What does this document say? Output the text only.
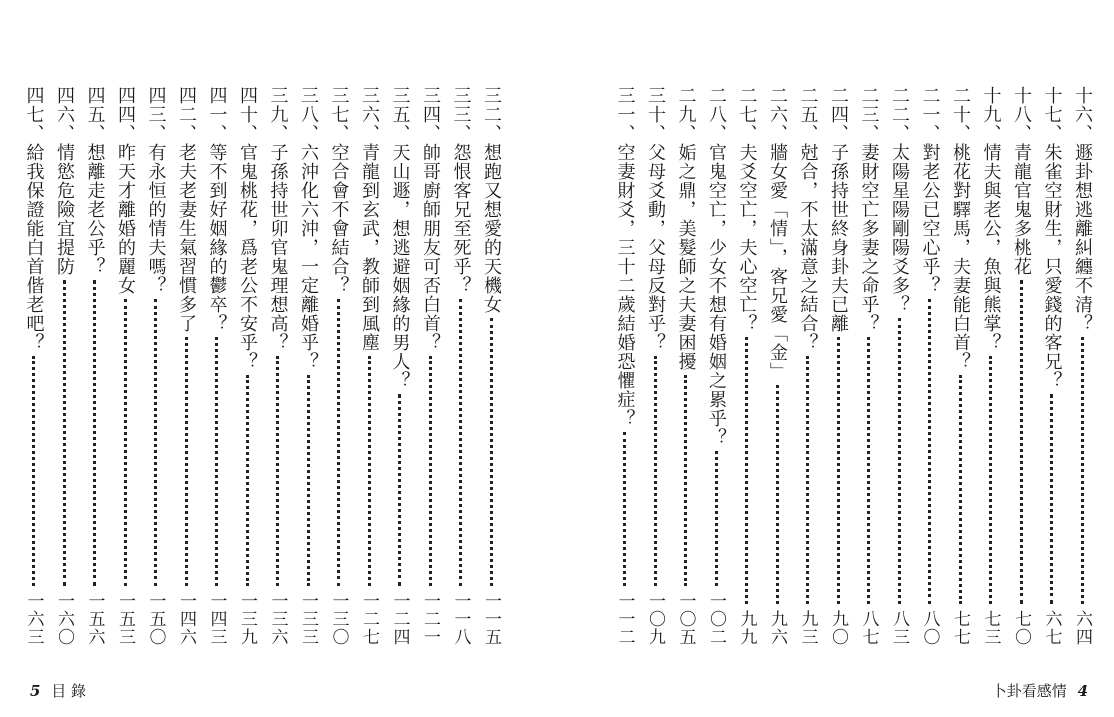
三二、想跑又想愛的天機女
一一五
三三、怨恨客兄至死乎？
一一八
三四、帥哥廚師朋友可否白首？
一二一
三五、天山遯，想逃避姻緣的男人？
一二四
三六、青龍到玄武，教師到風塵
一二七
三七、空合會不會結合？
一三〇
三八、六沖化六沖，一定離婚乎？
一三三
三九、子孫持世卯官鬼理想高？
一三六
四十、官鬼桃花，爲老公不安乎？
一三九
四一、等不到好姻緣的鬱卒？
一四三
四二、老夫老妻生氣習慣多了
一四六
四三、有永恒的情夫嗎？
一五〇
四四、昨天才離婚的麗女
一五三
四五、想離走老公乎？
一五六
四六、情慾危險宜提防
一六〇
四七、給我保證能白首偕老吧？
一六三
5 目 錄	卜卦看感情 4
十六、遯卦想逃離糾纏不清？
六四
十七、朱雀空財生，只愛錢的客兄？
六七
十八、青龍官鬼多桃花
七〇
十九、情夫與老公，魚與熊掌？
七三
二十、桃花對驛馬，夫妻能白首？
七七
二一、對老公已空心乎？
八〇
二二、太陽星陽剛陽爻多？
八三
二三、妻財空亡多妻之命乎？
八七
二四、子孫持世終身卦夫已離
九〇
二五、尅合，不太滿意之結合？
九三
二六、牆女愛「情」，客兄愛「金」
九六
二七、夫爻空亡，夫心空亡？
九九
二八、官鬼空亡，少女不想有婚姻之累乎？
一〇二
二九、姤之鼎，美髮師之夫妻困擾
一〇五
三十、父母爻動，父母反對乎？
一〇九
三一、空妻財爻，三十二歲結婚恐懼症？
一一二
